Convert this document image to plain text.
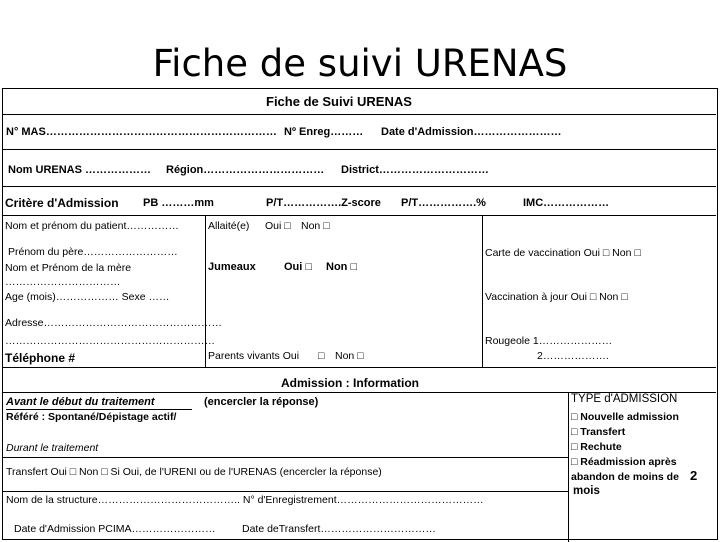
Fiche de suivi URENAS
Fiche de Suivi URENAS
N° MAS……………………………………………………… Nº Enreg……… Date d'Admission……………………
Nom URENAS ……………… Région…………………………… District…………………………
Critère d'Admission PB ………mm	P/T…………….Z-score P/T…………….%	IMC………………
Nom et prénom du patient……………
Prénom du père………………………
Nom et Prénom de la mère
……………………………
Age (mois)……………… Sexe ……
Adresse……………………………………………
……………………………………………………
Téléphone #
Allaité(e) Oui □ Non □
Jumeaux	Oui □ Non □
Parents vivants Oui □ Non □
Carte de vaccination Oui □ Non □
Vaccination à jour Oui □ Non □
Rougeole 1…………………
2……………….
Admission : Information
Avant le début du traitement	(encercler la réponse)
Référé : Spontané/Dépistage actif/
Durant le traitement
Transfert Oui □ Non □ Si Oui, de l'URENI ou de l'URENAS (encercler la réponse)
Nom de la structure………………………………….. N° d'Enregistrement……………………………………
Date d'Admission PCIMA……………………	Date deTransfert……………………………
TYPE d'ADMISSION
□ Nouvelle admission
□ Transfert
□ Rechute
□ Réadmission après
abandon de moins de 2
mois
